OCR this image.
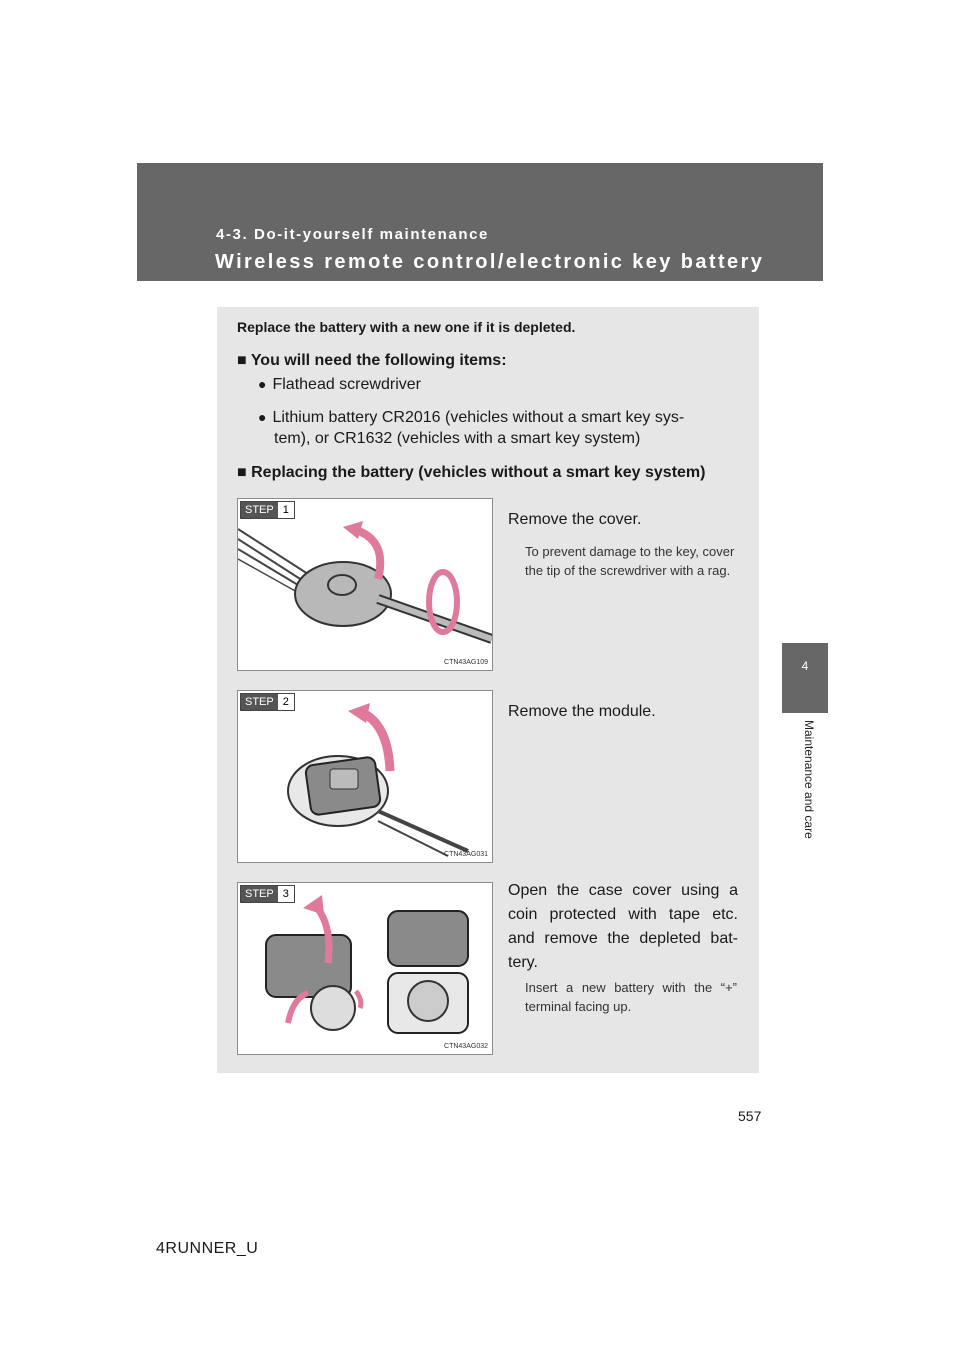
4-3. Do-it-yourself maintenance
Wireless remote control/electronic key battery
4
Maintenance and care
Replace the battery with a new one if it is depleted.
■ You will need the following items:
● Flathead screwdriver
● Lithium battery CR2016 (vehicles without a smart key sys-
tem), or CR1632 (vehicles with a smart key system)
■ Replacing the battery (vehicles without a smart key system)
STEP 1
CTN43AG109
STEP 2
CTN43AG031
STEP 3
CTN43AG032
Remove the cover.
To prevent damage to the key, cover the tip of the screwdriver with a rag.
Remove the module.
Open the case cover using a coin protected with tape etc. and remove the depleted bat-tery.
Insert a new battery with the “+” terminal facing up.
557
4RUNNER_U
